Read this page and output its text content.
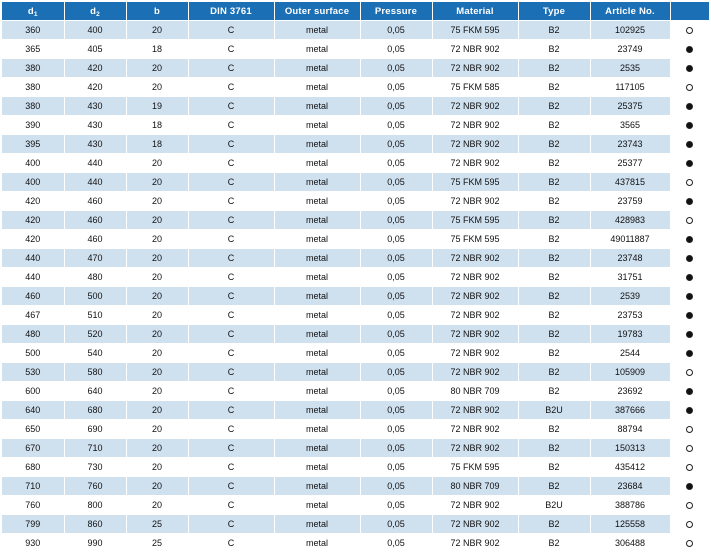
$d_1$	$d_2$	b	DIN 3761	Outer surface	Pressure	Material	Type	Article No.	
360	400	20	C	metal	0,05	75 FKM 595	B2	102925	
365	405	18	C	metal	0,05	72 NBR 902	B2	23749	
380	420	20	C	metal	0,05	72 NBR 902	B2	2535	
380	420	20	C	metal	0,05	75 FKM 585	B2	117105	
380	430	19	C	metal	0,05	72 NBR 902	B2	25375	
390	430	18	C	metal	0,05	72 NBR 902	B2	3565	
395	430	18	C	metal	0,05	72 NBR 902	B2	23743	
400	440	20	C	metal	0,05	72 NBR 902	B2	25377	
400	440	20	C	metal	0,05	75 FKM 595	B2	437815	
420	460	20	C	metal	0,05	72 NBR 902	B2	23759	
420	460	20	C	metal	0,05	75 FKM 595	B2	428983	
420	460	20	C	metal	0,05	75 FKM 595	B2	49011887	
440	470	20	C	metal	0,05	72 NBR 902	B2	23748	
440	480	20	C	metal	0,05	72 NBR 902	B2	31751	
460	500	20	C	metal	0,05	72 NBR 902	B2	2539	
467	510	20	C	metal	0,05	72 NBR 902	B2	23753	
480	520	20	C	metal	0,05	72 NBR 902	B2	19783	
500	540	20	C	metal	0,05	72 NBR 902	B2	2544	
530	580	20	C	metal	0,05	72 NBR 902	B2	105909	
600	640	20	C	metal	0,05	80 NBR 709	B2	23692	
640	680	20	C	metal	0,05	72 NBR 902	B2U	387666	
650	690	20	C	metal	0,05	72 NBR 902	B2	88794	
670	710	20	C	metal	0,05	72 NBR 902	B2	150313	
680	730	20	C	metal	0,05	75 FKM 595	B2	435412	
710	760	20	C	metal	0,05	80 NBR 709	B2	23684	
760	800	20	C	metal	0,05	72 NBR 902	B2U	388786	
799	860	25	C	metal	0,05	72 NBR 902	B2	125558	
930	990	25	C	metal	0,05	72 NBR 902	B2	306488	
